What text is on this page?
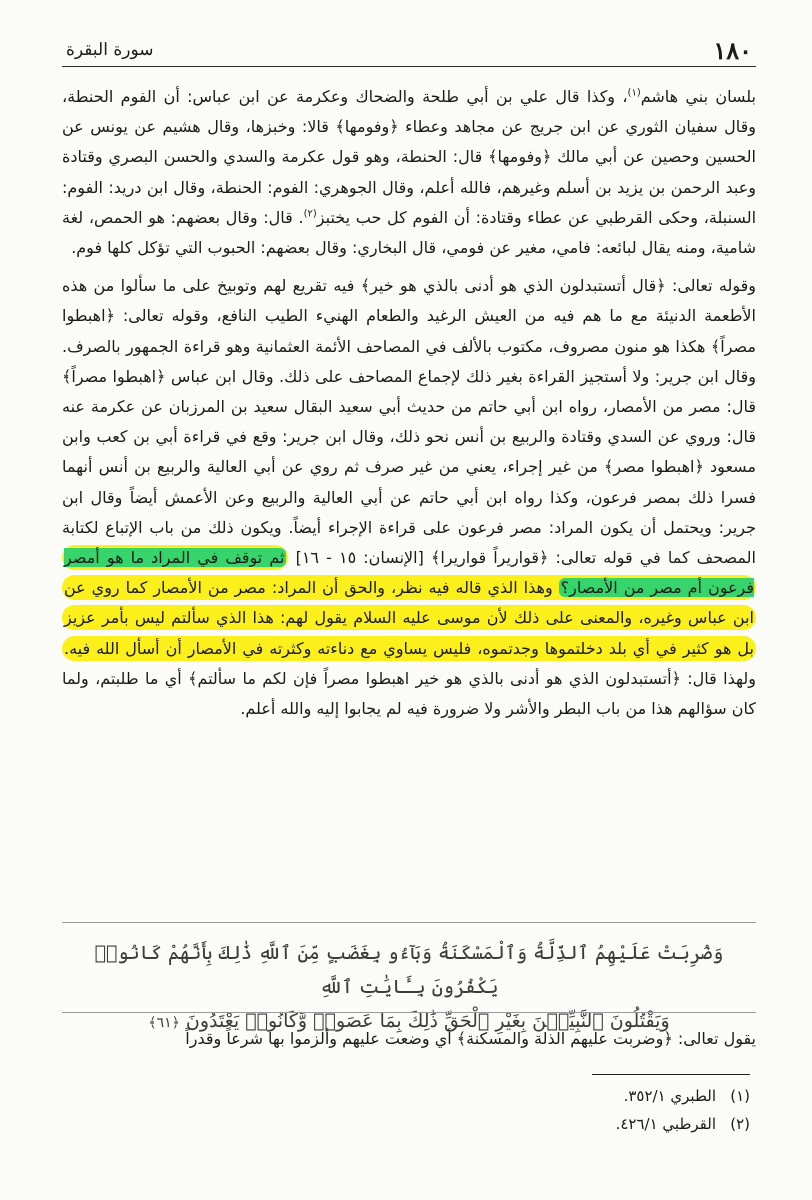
١٨٠
سورة البقرة

بلسان بني هاشم$^{(١)}$، وكذا قال علي بن أبي طلحة والضحاك وعكرمة عن ابن عباس: أن الفوم الحنطة، وقال سفيان الثوري عن ابن جريج عن مجاهد وعطاء ﴿وفومها﴾ قالا: وخبزها، وقال هشيم عن يونس عن الحسين وحصين عن أبي مالك ﴿وفومها﴾ قال: الحنطة، وهو قول عكرمة والسدي والحسن البصري وقتادة وعبد الرحمن بن يزيد بن أسلم وغيرهم، فالله أعلم، وقال الجوهري: الفوم: الحنطة، وقال ابن دريد: الفوم: السنبلة، وحكى القرطبي عن عطاء وقتادة: أن الفوم كل حب يختبز$^{(٢)}$. قال: وقال بعضهم: هو الحمص، لغة شامية، ومنه يقال لبائعه: فامي، مغير عن فومي، قال البخاري: وقال بعضهم: الحبوب التي تؤكل كلها فوم.

وقوله تعالى: ﴿قال أتستبدلون الذي هو أدنى بالذي هو خير﴾ فيه تقريع لهم وتوبيخ على ما سألوا من هذه الأطعمة الدنيئة مع ما هم فيه من العيش الرغيد والطعام الهنيء الطيب النافع، وقوله تعالى: ﴿اهبطوا مصراً﴾ هكذا هو منون مصروف، مكتوب بالألف في المصاحف الأئمة العثمانية وهو قراءة الجمهور بالصرف. وقال ابن جرير: ولا أستجيز القراءة بغير ذلك لإجماع المصاحف على ذلك. وقال ابن عباس ﴿اهبطوا مصراً﴾ قال: مصر من الأمصار، رواه ابن أبي حاتم من حديث أبي سعيد البقال سعيد بن المرزبان عن عكرمة عنه قال: وروي عن السدي وقتادة والربيع بن أنس نحو ذلك، وقال ابن جرير: وقع في قراءة أبي بن كعب وابن مسعود ﴿اهبطوا مصر﴾ من غير إجراء، يعني من غير صرف ثم روي عن أبي العالية والربيع بن أنس أنهما فسرا ذلك بمصر فرعون، وكذا رواه ابن أبي حاتم عن أبي العالية والربيع وعن الأعمش أيضاً وقال ابن جرير: ويحتمل أن يكون المراد: مصر فرعون على قراءة الإجراء أيضاً. ويكون ذلك من باب الإتباع لكتابة المصحف كما في قوله تعالى: ﴿قواريراً قواريرا﴾ [الإنسان: ١٥ - ١٦] ثم توقف في المراد ما هو أمصر فرعون أم مصر من الأمصار؟ وهذا الذي قاله فيه نظر، والحق أن المراد: مصر من الأمصار كما روي عن ابن عباس وغيره، والمعنى على ذلك لأن موسى عليه السلام يقول لهم: هذا الذي سألتم ليس بأمر عزيز بل هو كثير في أي بلد دخلتموها وجدتموه، فليس يساوي مع دناءته وكثرته في الأمصار أن أسأل الله فيه. ولهذا قال: ﴿أتستبدلون الذي هو أدنى بالذي هو خير اهبطوا مصراً فإن لكم ما سألتم﴾ أي ما طلبتم، ولما كان سؤالهم هذا من باب البطر والأشر ولا ضرورة فيه لم يجابوا إليه والله أعلم.

وَضُرِبَتْ عَلَيْهِمُ ٱلذِّلَّةُ وَٱلْمَسْكَنَةُ وَبَآءُو بِغَضَبٍ مِّنَ ٱللَّهِ ذَٰلِكَ بِأَنَّهُمْ كَانُوا۟ يَكْفُرُونَ بِـَٔايَٰتِ ٱللَّهِ

وَيَقْتُلُونَ ٱلنَّبِيِّـۧنَ بِغَيْرِ ٱلْحَقِّ ذَٰلِكَ بِمَا عَصَوا۟ وَّكَانُوا۟ يَعْتَدُونَ ﴿٦١﴾

يقول تعالى: ﴿وضربت عليهم الذلة والمسكنة﴾ أي وضعت عليهم وألزموا بها شرعاً وقدراً
(١)الطبري ٣٥٢/١.
(٢)القرطبي ٤٢٦/١.
